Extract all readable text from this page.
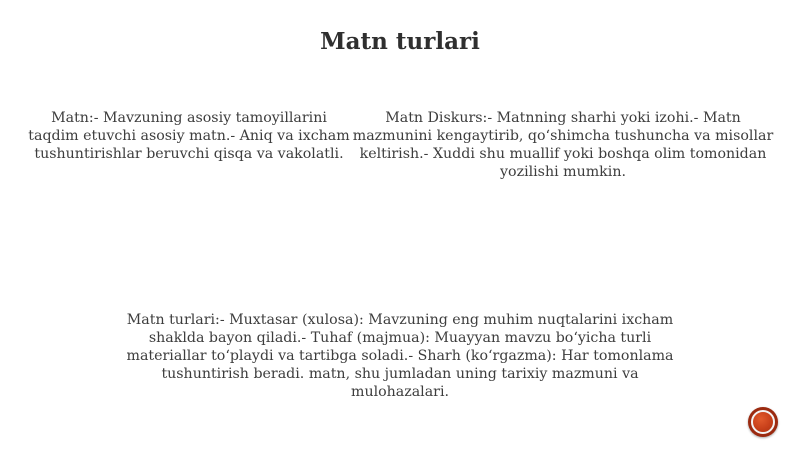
Matn turlari

Matn:- Mavzuning asosiy tamoyillarini taqdim etuvchi asosiy matn.- Aniq va ixcham tushuntirishlar beruvchi qisqa va vakolatli.

Matn Diskurs:- Matnning sharhi yoki izohi.- Matn mazmunini kengaytirib, qo‘shimcha tushuncha va misollar keltirish.- Xuddi shu muallif yoki boshqa olim tomonidan yozilishi mumkin.

Matn turlari:- Muxtasar (xulosa): Mavzuning eng muhim nuqtalarini ixcham shaklda bayon qiladi.- Tuhaf (majmua): Muayyan mavzu bo‘yicha turli materiallar to‘playdi va tartibga soladi.- Sharh (ko‘rgazma): Har tomonlama tushuntirish beradi. matn, shu jumladan uning tarixiy mazmuni va mulohazalari.
